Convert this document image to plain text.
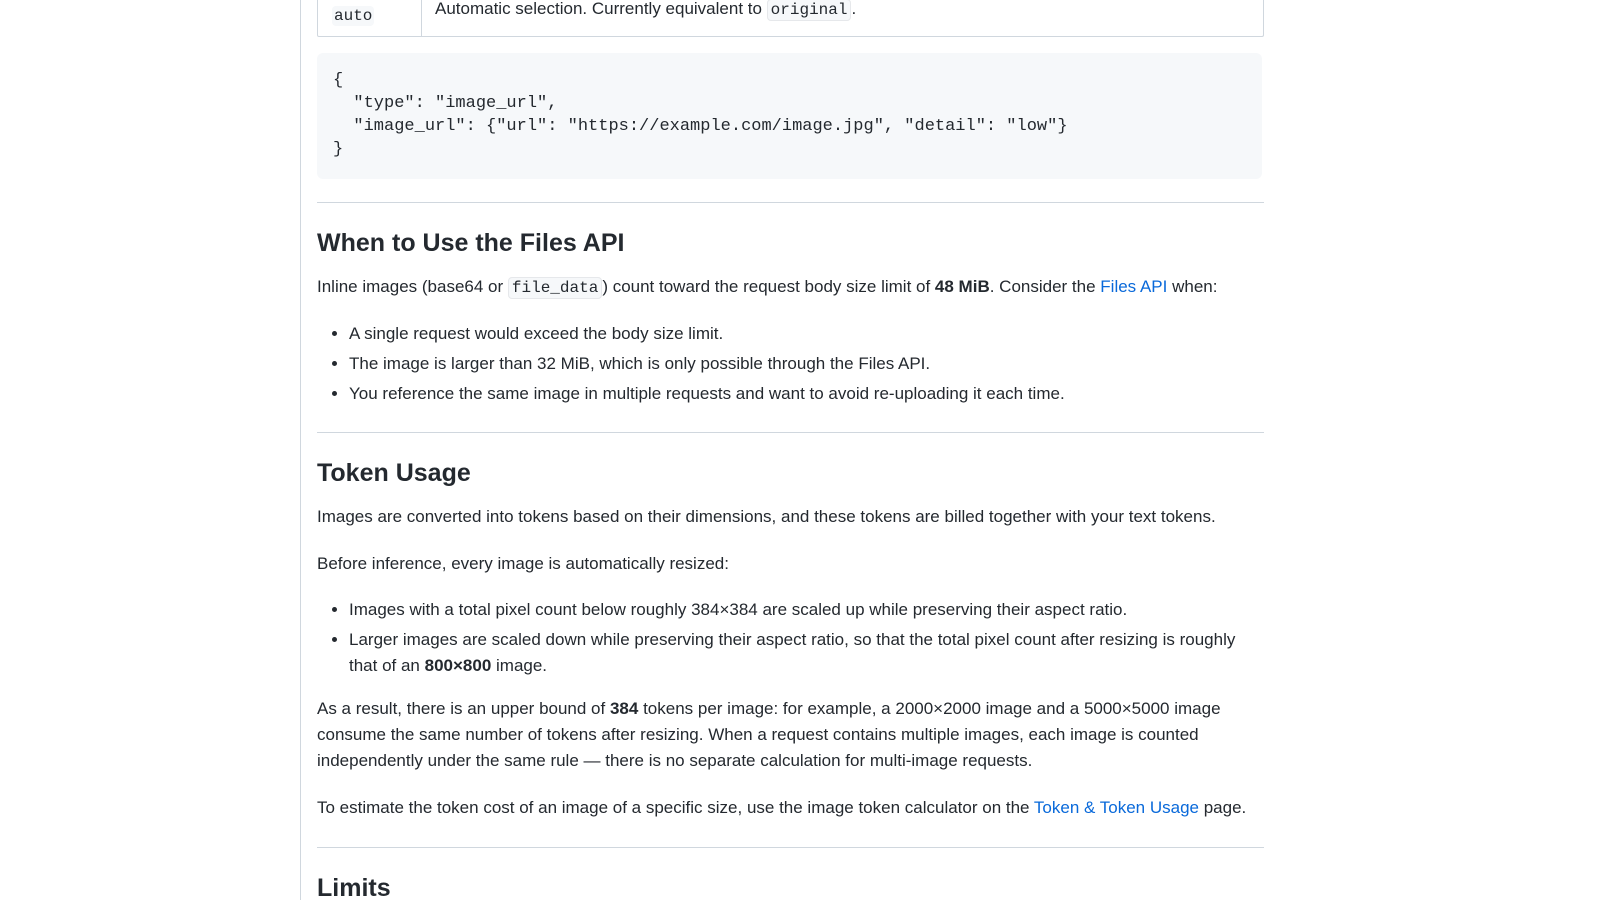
auto	Automatic selection. Currently equivalent to original .
{
"type": "image_url",
"image_url": {"url": "https://example.com/image.jpg", "detail": "low"}
}
When to Use the Files API

Inline images (base64 or file_data ) count toward the request body size limit of 48 MiB. Consider the Files API when:

• A single request would exceed the body size limit.
• The image is larger than 32 MiB, which is only possible through the Files API.
• You reference the same image in multiple requests and want to avoid re-uploading it each time.
Token Usage

Images are converted into tokens based on their dimensions, and these tokens are billed together with your text tokens.

Before inference, every image is automatically resized:

• Images with a total pixel count below roughly 384×384 are scaled up while preserving their aspect ratio.
• Larger images are scaled down while preserving their aspect ratio, so that the total pixel count after resizing is roughly that of an 800×800 image.

As a result, there is an upper bound of 384 tokens per image: for example, a 2000×2000 image and a 5000×5000 image consume the same number of tokens after resizing. When a request contains multiple images, each image is counted independently under the same rule — there is no separate calculation for multi-image requests.

To estimate the token cost of an image of a specific size, use the image token calculator on the Token & Token Usage page.

Limits
